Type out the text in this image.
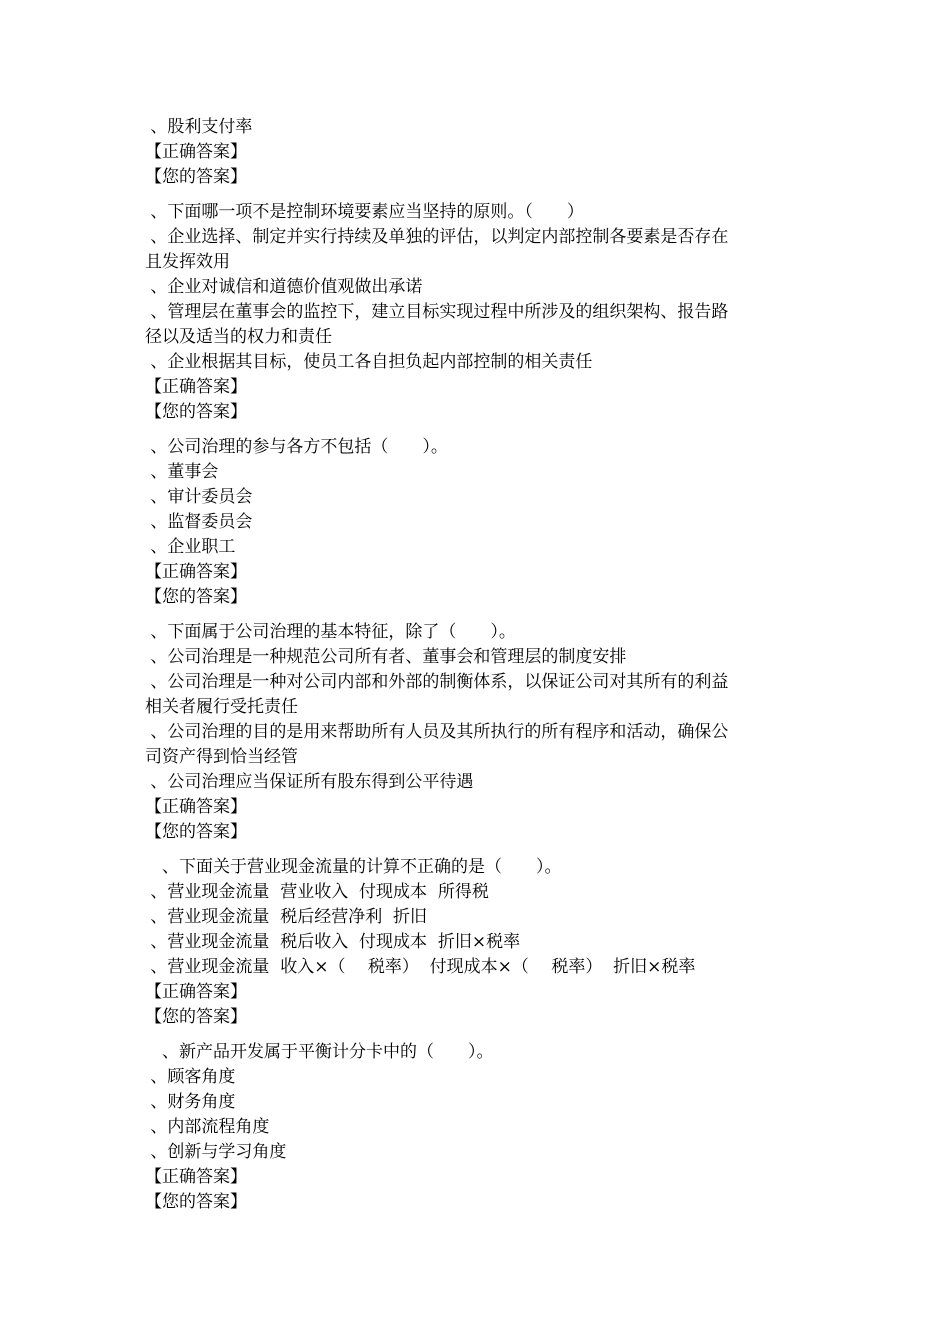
、股利支付率

【正确答案】

【您的答案】

、下面哪一项不是控制环境要素应当坚持的原则。（　　）

、企业选择、制定并实行持续及单独的评估，以判定内部控制各要素是否存在

且发挥效用

、企业对诚信和道德价值观做出承诺

、管理层在董事会的监控下，建立目标实现过程中所涉及的组织架构、报告路

径以及适当的权力和责任

、企业根据其目标，使员工各自担负起内部控制的相关责任

【正确答案】

【您的答案】

、公司治理的参与各方不包括（　　）。

、董事会

、审计委员会

、监督委员会

、企业职工

【正确答案】

【您的答案】

、下面属于公司治理的基本特征，除了（　　）。

、公司治理是一种规范公司所有者、董事会和管理层的制度安排

、公司治理是一种对公司内部和外部的制衡体系，以保证公司对其所有的利益

相关者履行受托责任

、公司治理的目的是用来帮助所有人员及其所执行的所有程序和活动，确保公

司资产得到恰当经管

、公司治理应当保证所有股东得到公平待遇

【正确答案】

【您的答案】

　、下面关于营业现金流量的计算不正确的是（　　）。

、营业现金流量  营业收入  付现成本  所得税

、营业现金流量  税后经营净利  折旧

、营业现金流量  税后收入  付现成本  折旧×税率

、营业现金流量  收入×（　 税率）  付现成本×（　 税率）  折旧×税率

【正确答案】

【您的答案】

　、新产品开发属于平衡计分卡中的（　　）。

、顾客角度

、财务角度

、内部流程角度

、创新与学习角度

【正确答案】

【您的答案】
